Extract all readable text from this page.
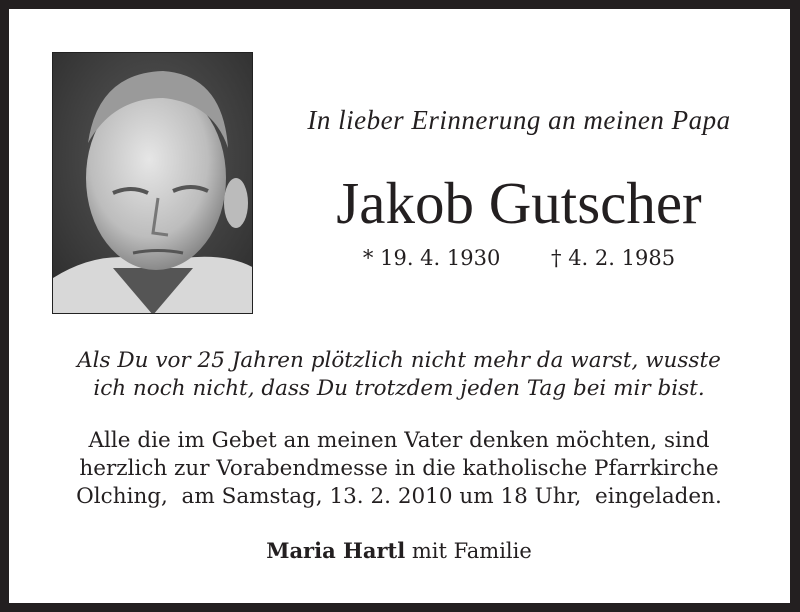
In lieber Erinnerung an meinen Papa
Jakob Gutscher
* 19. 4. 1930 † 4. 2. 1985
Als Du vor 25 Jahren plötzlich nicht mehr da warst, wusste
ich noch nicht, dass Du trotzdem jeden Tag bei mir bist.
Alle die im Gebet an meinen Vater denken möchten, sind
herzlich zur Vorabendmesse in die katholische Pfarrkirche
Olching,  am Samstag, 13. 2. 2010 um 18 Uhr,  eingeladen.
Maria Hartl mit Familie
